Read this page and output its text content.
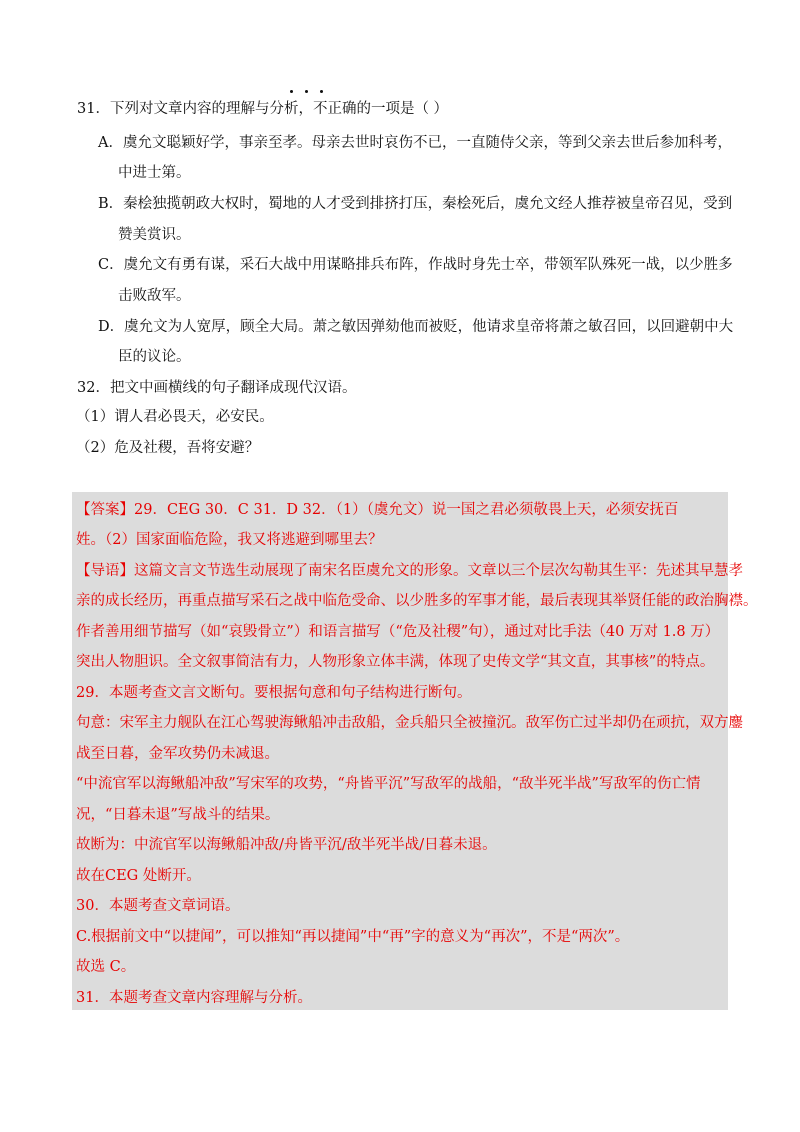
31．下列对文章内容的理解与分析，不正确的一项是（ ）
A．虞允文聪颖好学，事亲至孝。母亲去世时哀伤不已，一直随侍父亲，等到父亲去世后参加科考，
中进士第。
B．秦桧独揽朝政大权时，蜀地的人才受到排挤打压，秦桧死后，虞允文经人推荐被皇帝召见，受到
赞美赏识。
C．虞允文有勇有谋，采石大战中用谋略排兵布阵，作战时身先士卒，带领军队殊死一战，以少胜多
击败敌军。
D．虞允文为人宽厚，顾全大局。萧之敏因弹劾他而被贬，他请求皇帝将萧之敏召回，以回避朝中大
臣的议论。
32．把文中画横线的句子翻译成现代汉语。
（1）谓人君必畏天，必安民。
（2）危及社稷，吾将安避？
【答案】29．CEG 30．C 31．D 32．（1）（虞允文）说一国之君必须敬畏上天，必须安抚百
姓。（2）国家面临危险，我又将逃避到哪里去？
【导语】这篇文言文节选生动展现了南宋名臣虞允文的形象。文章以三个层次勾勒其生平：先述其早慧孝
亲的成长经历，再重点描写采石之战中临危受命、以少胜多的军事才能，最后表现其举贤任能的政治胸襟。
作者善用细节描写（如“哀毁骨立”）和语言描写（“危及社稷”句），通过对比手法（40 万对 1.8 万）
突出人物胆识。全文叙事简洁有力，人物形象立体丰满，体现了史传文学“其文直，其事核”的特点。
29．本题考查文言文断句。要根据句意和句子结构进行断句。
句意：宋军主力舰队在江心驾驶海鳅船冲击敌船，金兵船只全被撞沉。敌军伤亡过半却仍在顽抗，双方鏖
战至日暮，金军攻势仍未减退。
“中流官军以海鳅船冲敌”写宋军的攻势，“舟皆平沉”写敌军的战船，“敌半死半战”写敌军的伤亡情
况，“日暮未退”写战斗的结果。
故断为：中流官军以海鳅船冲敌/舟皆平沉/敌半死半战/日暮未退。
故在CEG 处断开。
30．本题考查文章词语。
C.根据前文中“以捷闻”，可以推知“再以捷闻”中“再”字的意义为“再次”，不是“两次”。
故选 C。
31．本题考查文章内容理解与分析。
